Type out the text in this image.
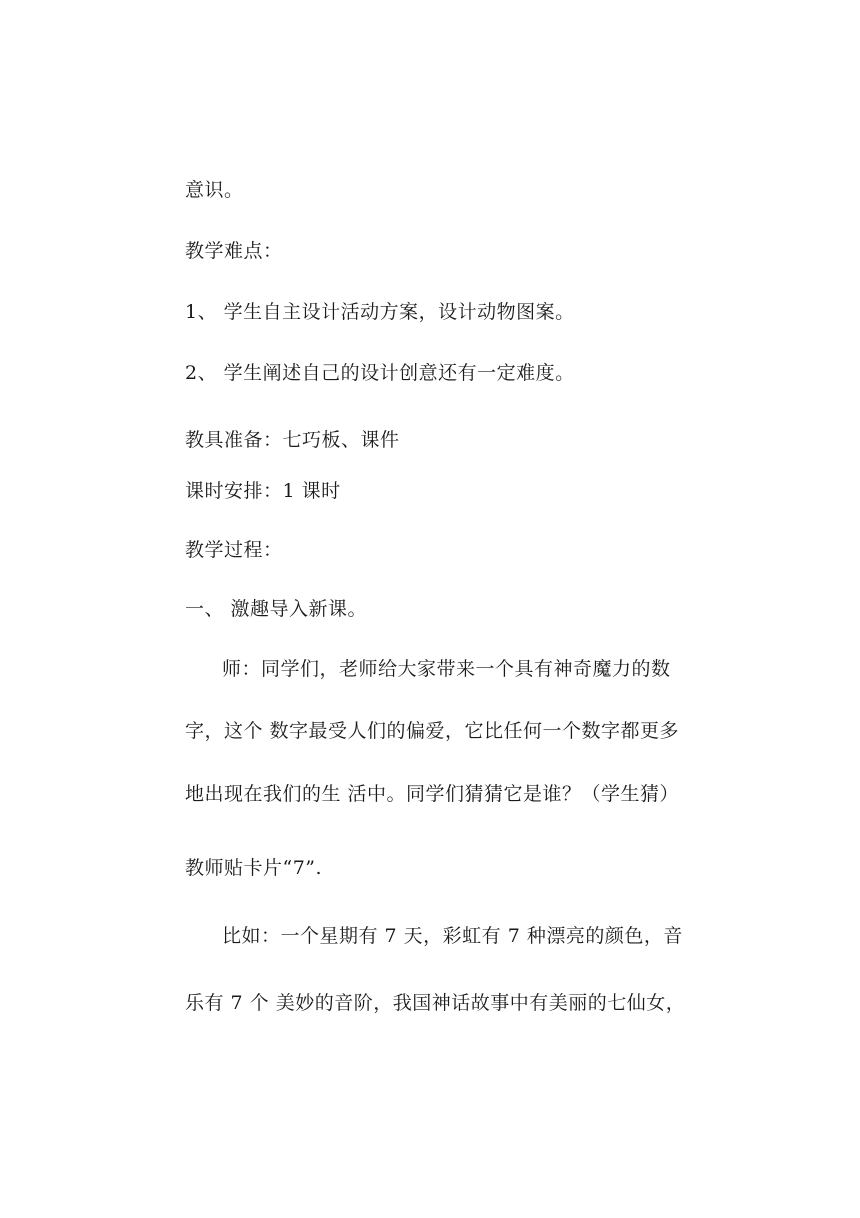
意识。
教学难点：
1、 学生自主设计活动方案，设计动物图案。
2、 学生阐述自己的设计创意还有一定难度。
教具准备：七巧板、课件
课时安排：1 课时
教学过程：
一、 激趣导入新课。
师：同学们，老师给大家带来一个具有神奇魔力的数
字，这个 数字最受人们的偏爱，它比任何一个数字都更多
地出现在我们的生 活中。同学们猜猜它是谁？（学生猜）
教师贴卡片“7”.
比如：一个星期有 7 天，彩虹有 7 种漂亮的颜色，音
乐有 7 个 美妙的音阶，我国神话故事中有美丽的七仙女，
